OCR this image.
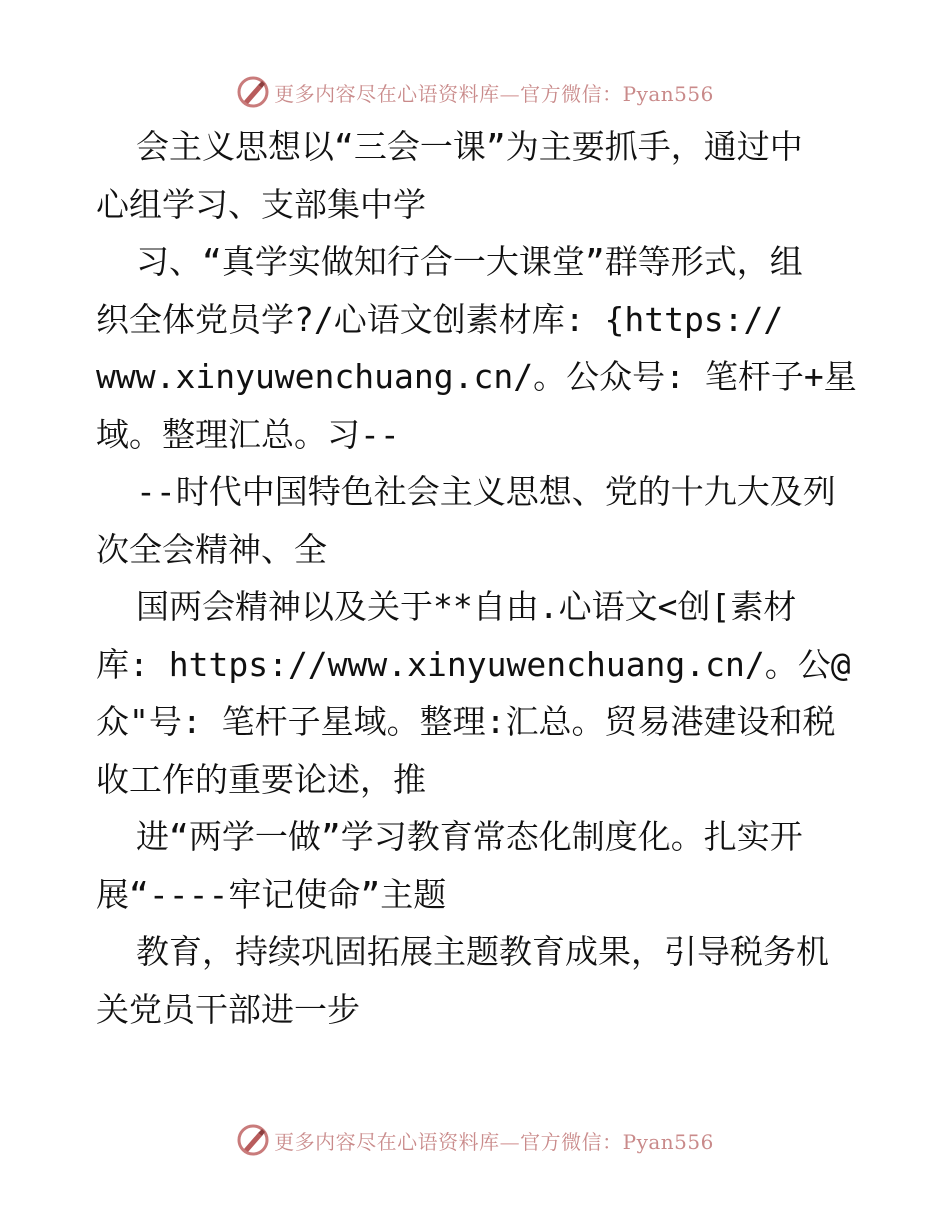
更多内容尽在心语资料库—官方微信：Pyan556

会主义思想以“三会一课”为主要抓手，通过中
心组学习、支部集中学

习、“真学实做知行合一大课堂”群等形式，组
织全体党员学?/心语文创素材库: {https://
www.xinyuwenchuang.cn/。公众号: 笔杆子+星
域。整理汇总。习--

--时代中国特色社会主义思想、党的十九大及列
次全会精神、全

国两会精神以及关于**自由.心语文<创[素材
库: https://www.xinyuwenchuang.cn/。公@
众"号: 笔杆子星域。整理:汇总。贸易港建设和税
收工作的重要论述，推

进“两学一做”学习教育常态化制度化。扎实开
展“----牢记使命”主题

教育，持续巩固拓展主题教育成果，引导税务机
关党员干部进一步

更多内容尽在心语资料库—官方微信：Pyan556
